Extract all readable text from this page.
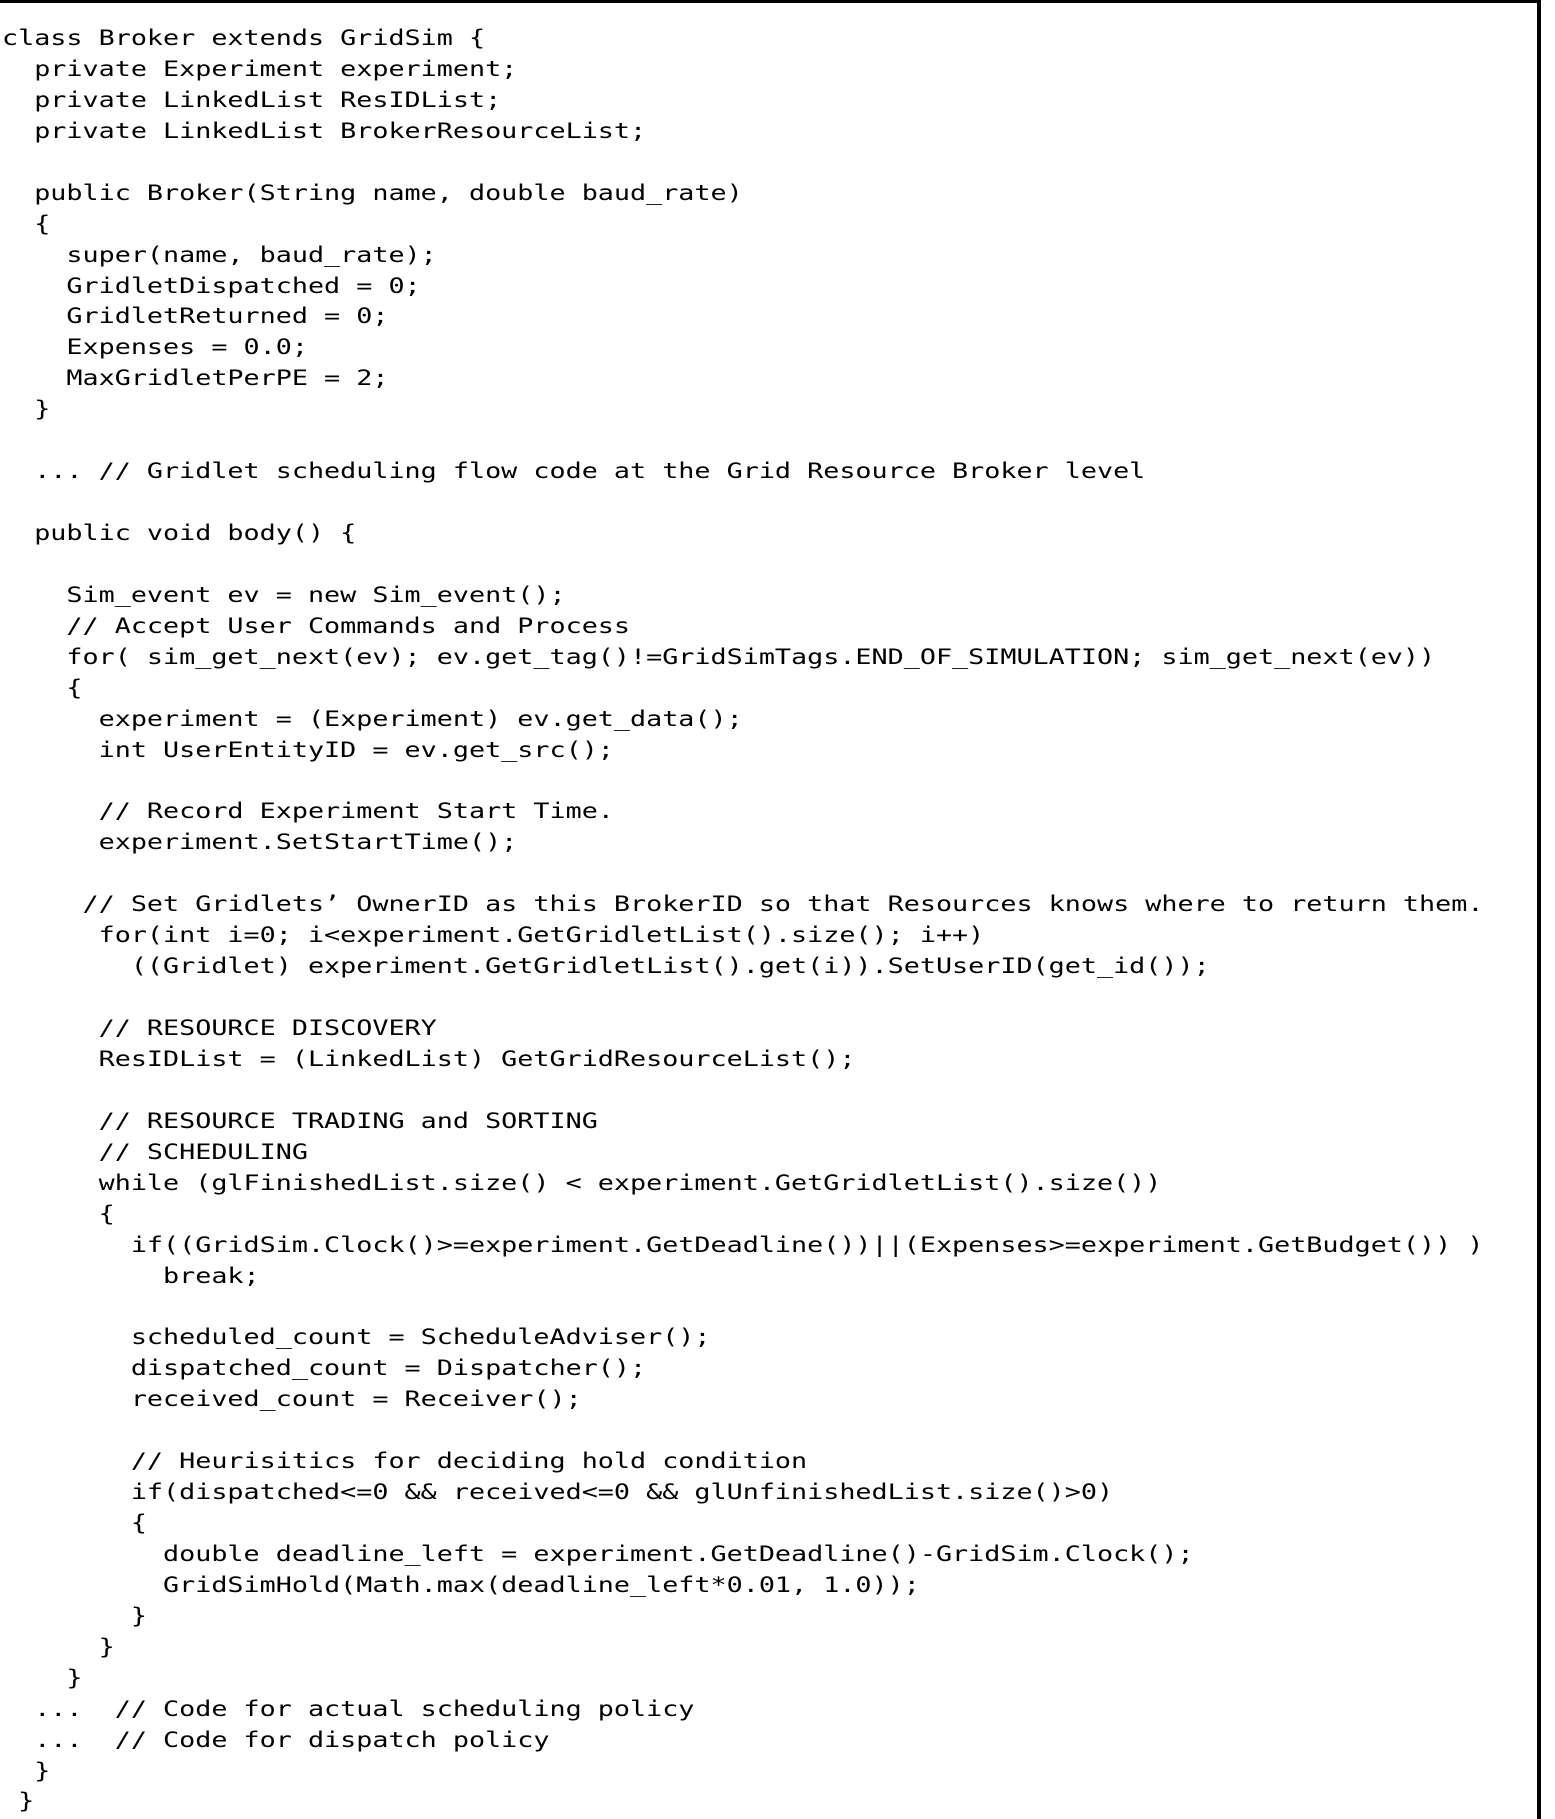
class Broker extends GridSim {
private Experiment experiment;
private LinkedList ResIDList;
private LinkedList BrokerResourceList;
public Broker(String name, double baud_rate)
{
super(name, baud_rate);
GridletDispatched = 0;
GridletReturned = 0;
Expenses = 0.0;
MaxGridletPerPE = 2;
}
... // Gridlet scheduling flow code at the Grid Resource Broker level
public void body() {
Sim_event ev = new Sim_event();
// Accept User Commands and Process
for( sim_get_next(ev); ev.get_tag()!=GridSimTags.END_OF_SIMULATION; sim_get_next(ev))
{
experiment = (Experiment) ev.get_data();
int UserEntityID = ev.get_src();
// Record Experiment Start Time.
experiment.SetStartTime();
// Set Gridlets’ OwnerID as this BrokerID so that Resources knows where to return them.
for(int i=0; i<experiment.GetGridletList().size(); i++)
((Gridlet) experiment.GetGridletList().get(i)).SetUserID(get_id());
// RESOURCE DISCOVERY
ResIDList = (LinkedList) GetGridResourceList();
// RESOURCE TRADING and SORTING
// SCHEDULING
while (glFinishedList.size() < experiment.GetGridletList().size())
{
if((GridSim.Clock()>=experiment.GetDeadline())||(Expenses>=experiment.GetBudget()) )
break;
scheduled_count = ScheduleAdviser();
dispatched_count = Dispatcher();
received_count = Receiver();
// Heurisitics for deciding hold condition
if(dispatched<=0 && received<=0 && glUnfinishedList.size()>0)
{
double deadline_left = experiment.GetDeadline()-GridSim.Clock();
GridSimHold(Math.max(deadline_left*0.01, 1.0));
}
}
}
...  // Code for actual scheduling policy
...  // Code for dispatch policy
}
}
